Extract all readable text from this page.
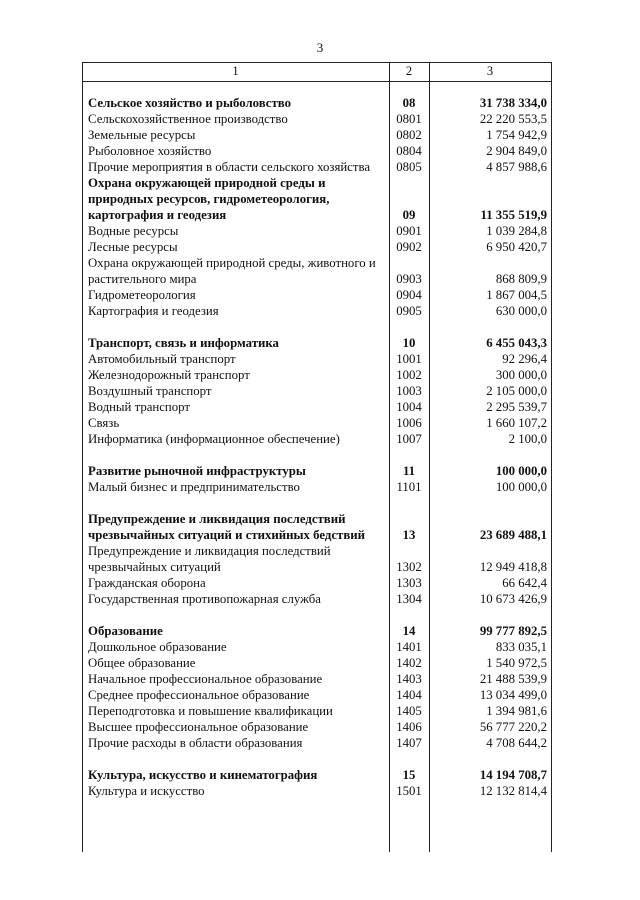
3
1	2	3
Сельское хозяйство и рыболовство	08	31 738 334,0
Сельскохозяйственное производство	0801	22 220 553,5
Земельные ресурсы	0802	1 754 942,9
Рыболовное хозяйство	0804	2 904 849,0
Прочие мероприятия в области сельского хозяйства	0805	4 857 988,6
Охрана окружающей природной среды и природных ресурсов, гидрометеорология, картография и геодезия	09	11 355 519,9
Водные ресурсы	0901	1 039 284,8
Лесные ресурсы	0902	6 950 420,7
Охрана окружающей природной среды, животного и растительного мира	0903	868 809,9
Гидрометеорология	0904	1 867 004,5
Картография и геодезия	0905	630 000,0
Транспорт, связь и информатика	10	6 455 043,3
Автомобильный транспорт	1001	92 296,4
Железнодорожный транспорт	1002	300 000,0
Воздушный транспорт	1003	2 105 000,0
Водный транспорт	1004	2 295 539,7
Связь	1006	1 660 107,2
Информатика (информационное обеспечение)	1007	2 100,0
Развитие рыночной инфраструктуры	11	100 000,0
Малый бизнес и предпринимательство	1101	100 000,0
Предупреждение и ликвидация последствий чрезвычайных ситуаций и стихийных бедствий	13	23 689 488,1
Предупреждение и ликвидация последствий чрезвычайных ситуаций	1302	12 949 418,8
Гражданская оборона	1303	66 642,4
Государственная противопожарная служба	1304	10 673 426,9
Образование	14	99 777 892,5
Дошкольное образование	1401	833 035,1
Общее образование	1402	1 540 972,5
Начальное профессиональное образование	1403	21 488 539,9
Среднее профессиональное образование	1404	13 034 499,0
Переподготовка и повышение квалификации	1405	1 394 981,6
Высшее профессиональное образование	1406	56 777 220,2
Прочие расходы в области образования	1407	4 708 644,2
Культура, искусство и кинематография	15	14 194 708,7
Культура и искусство	1501	12 132 814,4
